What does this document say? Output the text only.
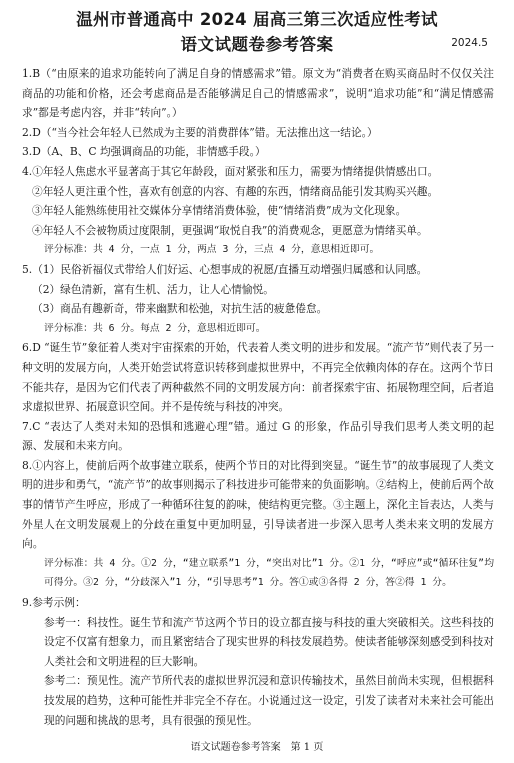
温州市普通高中 2024 届高三第三次适应性考试
语文试题卷参考答案	2024.5

1.B（“由原来的追求功能转向了满足自身的情感需求”错。原文为“消费者在购买商品时不仅仅关注商品的功能和价格，还会考虑商品是否能够满足自己的情感需求”，说明“追求功能”和“满足情感需求”都是考虑内容，并非“转向”。）

2.D（“当今社会年轻人已然成为主要的消费群体”错。无法推出这一结论。）

3.D（A、B、C 均强调商品的功能，非情感手段。）

4.①年轻人焦虑水平显著高于其它年龄段，面对紧张和压力，需要为情绪提供情感出口。

②年轻人更注重个性，喜欢有创意的内容、有趣的东西，情绪商品能引发其购买兴趣。

③年轻人能熟练使用社交媒体分享情绪消费体验，使“情绪消费”成为文化现象。

④年轻人不会被物质过度限制，更强调“取悦自我”的消费观念，更愿意为情绪买单。

评分标准：共 4 分，一点 1 分，两点 3 分，三点 4 分，意思相近即可。

5.（1）民俗祈福仪式带给人们好运、心想事成的祝愿/直播互动增强归属感和认同感。

（2）绿色清新，富有生机、活力，让人心情愉悦。

（3）商品有趣新奇，带来幽默和松弛，对抗生活的疲惫倦怠。

评分标准：共 6 分。每点 2 分，意思相近即可。

6.D “诞生节”象征着人类对宇宙探索的开始，代表着人类文明的进步和发展。“流产节”则代表了另一种文明的发展方向，人类开始尝试将意识转移到虚拟世界中，不再完全依赖肉体的存在。这两个节日不能共存，是因为它们代表了两种截然不同的文明发展方向：前者探索宇宙、拓展物理空间，后者追求虚拟世界、拓展意识空间。并不是传统与科技的冲突。

7.C “表达了人类对未知的恐惧和逃避心理”错。通过 G 的形象，作品引导我们思考人类文明的起源、发展和未来方向。

8.①内容上，使前后两个故事建立联系，使两个节日的对比得到突显。“诞生节”的故事展现了人类文明的进步和勇气，“流产节”的故事则揭示了科技进步可能带来的负面影响。②结构上，使前后两个故事的情节产生呼应，形成了一种循环往复的韵味，使结构更完整。③主题上，深化主旨表达，人类与外星人在文明发展观上的分歧在重复中更加明显，引导读者进一步深入思考人类未来文明的发展方向。

评分标准：共 4 分。①2 分，“建立联系”1 分，“突出对比”1 分。②1 分，“呼应”或“循环往复”均可得分。③2 分，“分歧深入”1 分，“引导思考”1 分。答①或③各得 2 分，答②得 1 分。

9.参考示例：

参考一：科技性。诞生节和流产节这两个节日的设立都直接与科技的重大突破相关。这些科技的设定不仅富有想象力，而且紧密结合了现实世界的科技发展趋势。使读者能够深刻感受到科技对人类社会和文明进程的巨大影响。

参考二：预见性。流产节所代表的虚拟世界沉浸和意识传输技术，虽然目前尚未实现，但根据科技发展的趋势，这种可能性并非完全不存在。小说通过这一设定，引发了读者对未来社会可能出现的问题和挑战的思考，具有很强的预见性。

语文试题卷参考答案　第 1 页
